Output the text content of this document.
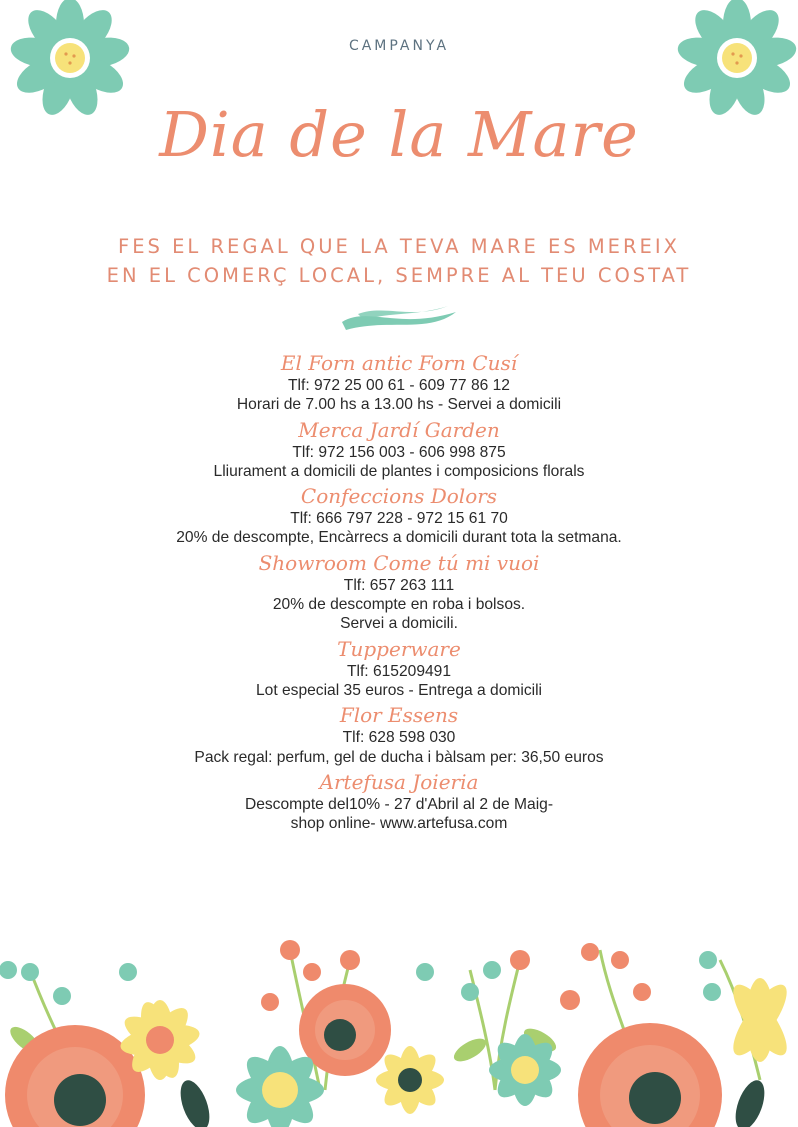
CAMPANYA
Dia de la Mare
FES EL REGAL QUE LA TEVA MARE ES MEREIX
EN EL COMERÇ LOCAL, SEMPRE AL TEU COSTAT
El Forn antic Forn Cusí
Tlf: 972 25 00 61 - 609 77 86 12
Horari de 7.00 hs a 13.00 hs - Servei a domicili
Merca Jardí Garden
Tlf: 972 156 003 - 606 998 875
Lliurament a domicili de plantes i composicions florals
Confeccions Dolors
Tlf: 666 797 228 - 972 15 61 70
20% de descompte, Encàrrecs a domicili durant tota la setmana.
Showroom Come tú mi vuoi
Tlf: 657 263 111
20% de descompte en roba i bolsos.
Servei a domicili.
Tupperware
Tlf: 615209491
Lot especial 35 euros - Entrega a domicili
Flor Essens
Tlf: 628 598 030
Pack regal: perfum, gel de ducha i bàlsam per: 36,50 euros
Artefusa Joieria
Descompte del10% - 27 d'Abril al 2 de Maig-
shop online- www.artefusa.com
